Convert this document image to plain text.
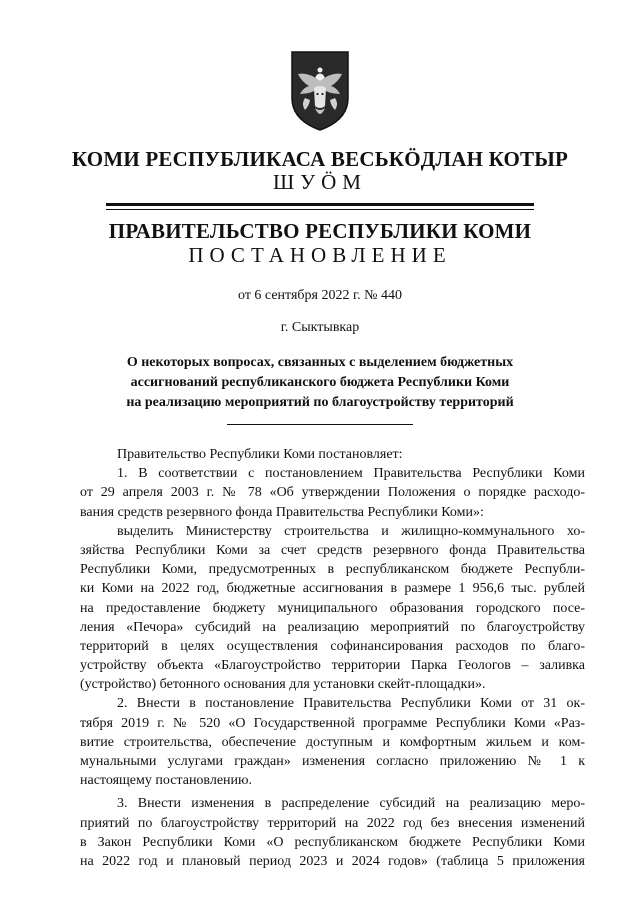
КОМИ РЕСПУБЛИКАСА ВЕСЬКӦДЛАН КОТЫР
ШУӦМ
ПРАВИТЕЛЬСТВО РЕСПУБЛИКИ КОМИ
ПОСТАНОВЛЕНИЕ
от 6 сентября 2022 г. № 440
г. Сыктывкар
О некоторых вопросах, связанных с выделением бюджетных
ассигнований республиканского бюджета Республики Коми
на реализацию мероприятий по благоустройству территорий
Правительство Республики Коми постановляет:
1. В соответствии с постановлением Правительства Республики Коми
от 29 апреля 2003 г. № 78 «Об утверждении Положения о порядке расходо-
вания средств резервного фонда Правительства Республики Коми»:
выделить Министерству строительства и жилищно-коммунального хо-
зяйства Республики Коми за счет средств резервного фонда Правительства
Республики Коми, предусмотренных в республиканском бюджете Республи-
ки Коми на 2022 год, бюджетные ассигнования в размере 1 956,6 тыс. рублей
на предоставление бюджету муниципального образования городского посе-
ления «Печора» субсидий на реализацию мероприятий по благоустройству
территорий в целях осуществления софинансирования расходов по благо-
устройству объекта «Благоустройство территории Парка Геологов – заливка
(устройство) бетонного основания для установки скейт-площадки».
2. Внести в постановление Правительства Республики Коми от 31 ок-
тября 2019 г. № 520 «О Государственной программе Республики Коми «Раз-
витие строительства, обеспечение доступным и комфортным жильем и ком-
мунальными услугами граждан» изменения согласно приложению № 1 к
настоящему постановлению.
3. Внести изменения в распределение субсидий на реализацию меро-
приятий по благоустройству территорий на 2022 год без внесения изменений
в Закон Республики Коми «О республиканском бюджете Республики Коми
на 2022 год и плановый период 2023 и 2024 годов» (таблица 5 приложения
